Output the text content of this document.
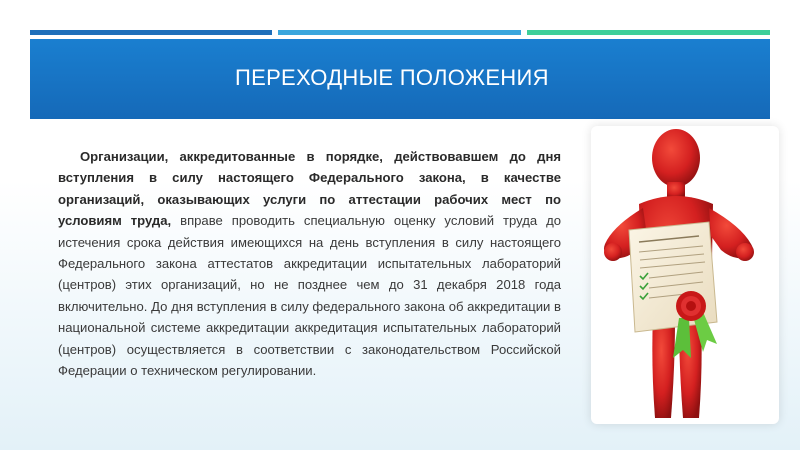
ПЕРЕХОДНЫЕ ПОЛОЖЕНИЯ

Организации, аккредитованные в порядке, действовавшем до дня вступления в силу настоящего Федерального закона, в качестве организаций, оказывающих услуги по аттестации рабочих мест по условиям труда, вправе проводить специальную оценку условий труда до истечения срока действия имеющихся на день вступления в силу настоящего Федерального закона аттестатов аккредитации испытательных лабораторий (центров) этих организаций, но не позднее чем до 31 декабря 2018 года включительно. До дня вступления в силу федерального закона об аккредитации в национальной системе аккредитации аккредитация испытательных лабораторий (центров) осуществляется в соответствии с законодательством Российской Федерации о техническом регулировании.
